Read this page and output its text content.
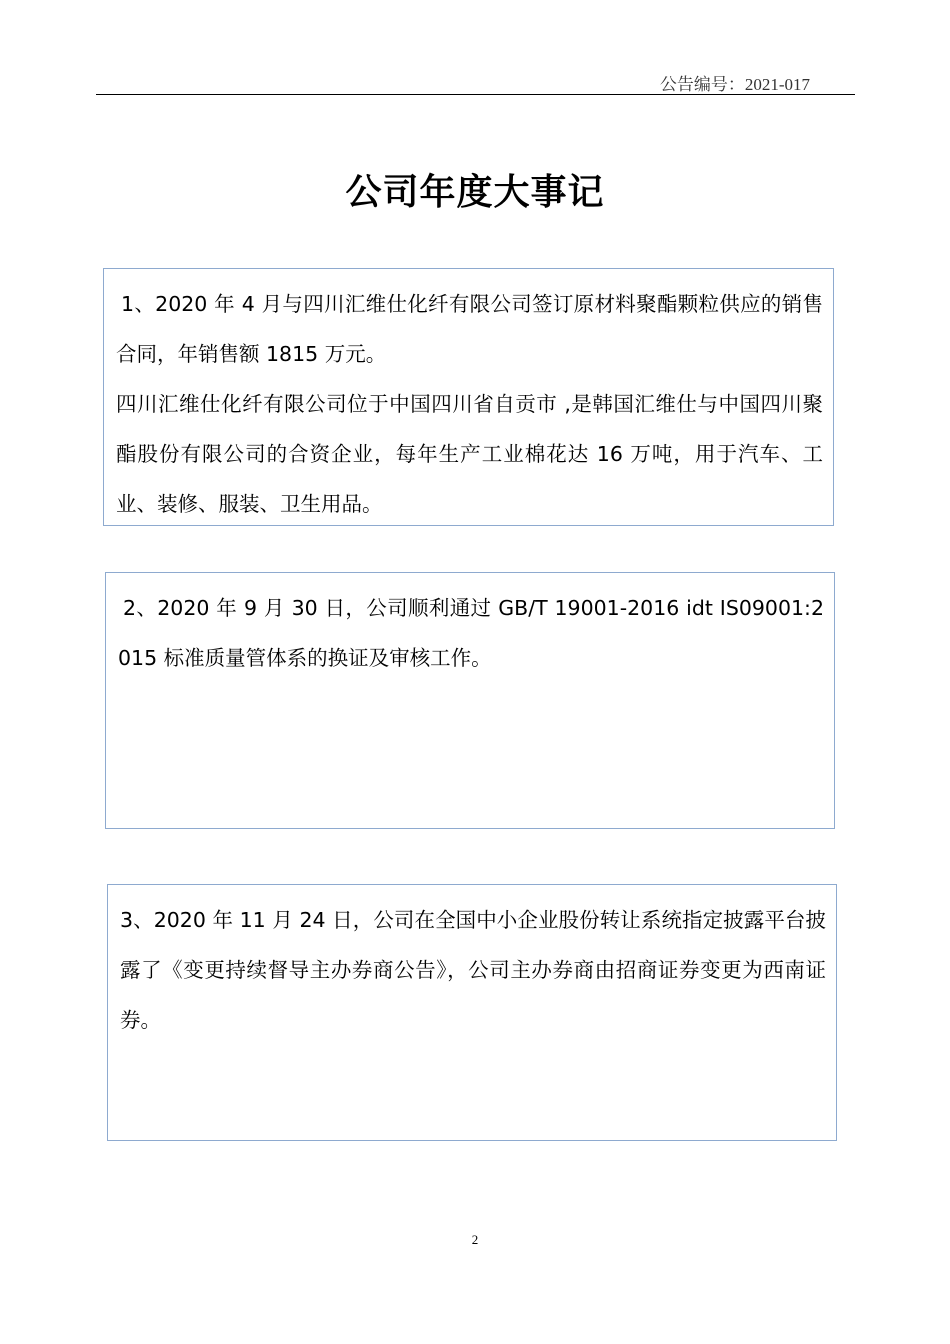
公告编号：2021-017
公司年度大事记

1、2020 年 4 月与四川汇维仕化纤有限公司签订原材料聚酯颗粒供应的销售合同，年销售额 1815 万元。

四川汇维仕化纤有限公司位于中国四川省自贡市 ,是韩国汇维仕与中国四川聚酯股份有限公司的合资企业，每年生产工业棉花达 16 万吨，用于汽车、工业、装修、服装、卫生用品。

2、2020 年 9 月 30 日，公司顺利通过 GB/T 19001-2016 idt IS09001:2015 标准质量管体系的换证及审核工作。

3、2020 年 11 月 24 日，公司在全国中小企业股份转让系统指定披露平台披露了《变更持续督导主办券商公告》，公司主办券商由招商证券变更为西南证券。

2
